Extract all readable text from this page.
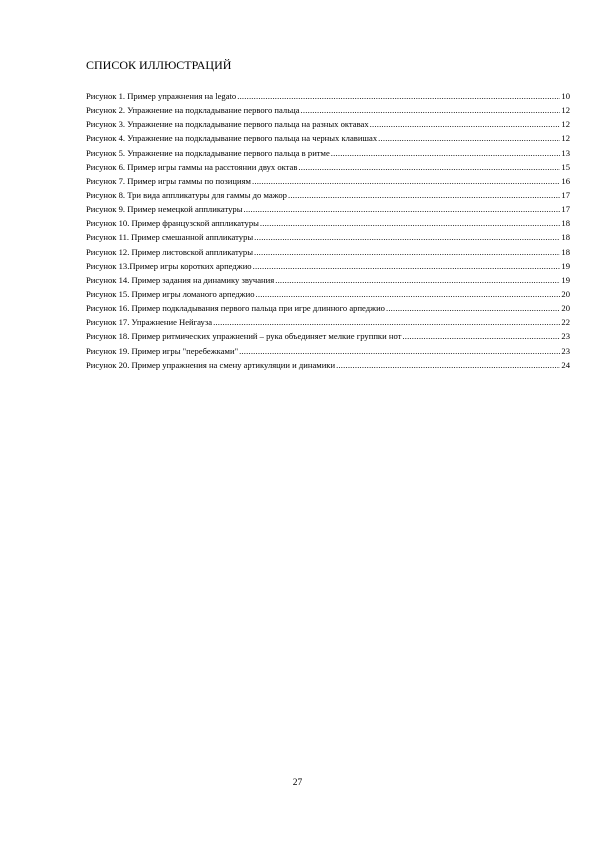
СПИСОК ИЛЛЮСТРАЦИЙ
Рисунок 1. Пример упражнения на legato .....	10
Рисунок 2. Упражнение на подкладывание первого пальца .....	12
Рисунок 3. Упражнение на подкладывание первого пальца на разных октавах .....	12
Рисунок 4. Упражнение на подкладывание первого пальца на черных клавишах .....	12
Рисунок 5. Упражнение на подкладывание первого пальца в ритме .....	13
Рисунок 6. Пример игры гаммы на расстоянии двух октав .....	15
Рисунок 7. Пример игры гаммы по позициям .....	16
Рисунок 8. Три вида аппликатуры для гаммы до мажор .....	17
Рисунок 9. Пример немецкой аппликатуры .....	17
Рисунок 10. Пример французской аппликатуры .....	18
Рисунок 11. Пример смешанной аппликатуры .....	18
Рисунок 12. Пример листовской аппликатуры .....	18
Рисунок 13.Пример игры коротких арпеджио .....	19
Рисунок 14. Пример задания на динамику звучания .....	19
Рисунок 15. Пример игры ломаного арпеджио .....	20
Рисунок 16. Пример подкладывания первого пальца при игре длинного арпеджио .....	20
Рисунок 17. Упражнение Нейгауза .....	22
Рисунок 18. Пример ритмических упражнений – рука объединяет мелкие группки нот .....	23
Рисунок 19. Пример игры "перебежками" .....	23
Рисунок 20. Пример упражнения на смену артикуляции и динамики .....	24
27
